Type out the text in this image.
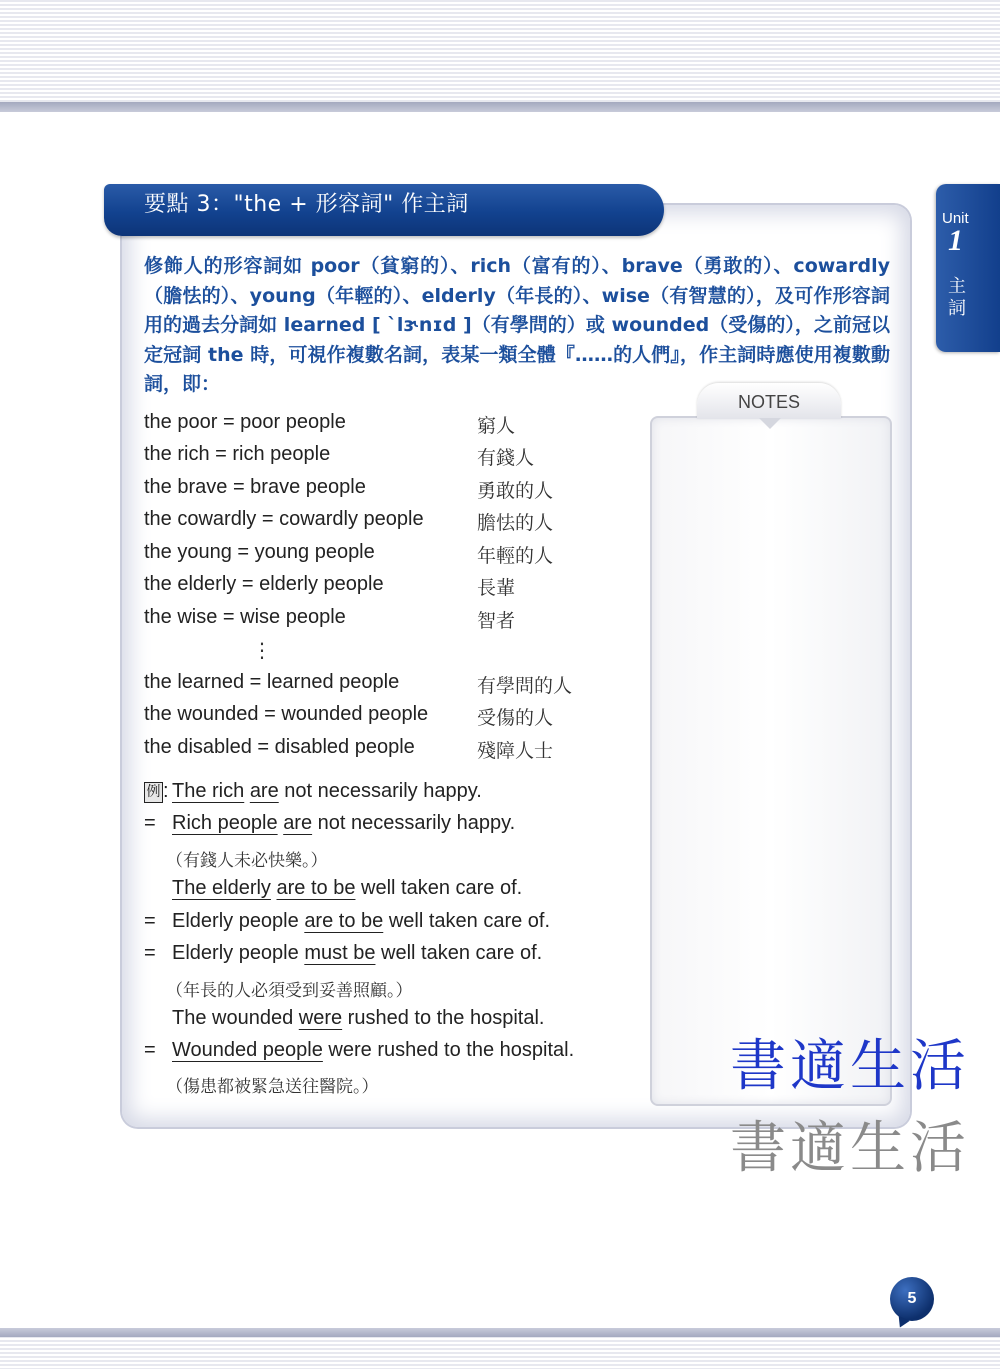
要點 3："the + 形容詞" 作主詞
Unit
1
主詞
修飾人的形容詞如 poor（貧窮的）、rich（富有的）、brave（勇敢的）、cowardly（膽怯的）、young（年輕的）、elderly（年長的）、wise（有智慧的），及可作形容詞用的過去分詞如 learned [ ˋlɝnɪd ]（有學問的）或 wounded（受傷的），之前冠以定冠詞 the 時，可視作複數名詞，表某一類全體『……的人們』，作主詞時應使用複數動詞，即：
the poor = poor people	窮人
the rich = rich people	有錢人
the brave = brave people	勇敢的人
the cowardly = cowardly people	膽怯的人
the young = young people	年輕的人
the elderly = elderly people	長輩
the wise = wise people	智者
⋮
the learned = learned people	有學問的人
the wounded = wounded people	受傷的人
the disabled = disabled people	殘障人士
例 : The rich are not necessarily happy.
= Rich people are not necessarily happy.
（有錢人未必快樂。）
The elderly are to be well taken care of.
= Elderly people are to be well taken care of.
= Elderly people must be well taken care of.
（年長的人必須受到妥善照顧。）
The wounded were rushed to the hospital.
= Wounded people were rushed to the hospital.
（傷患都被緊急送往醫院。）
NOTES
書適生活
書適生活
5
